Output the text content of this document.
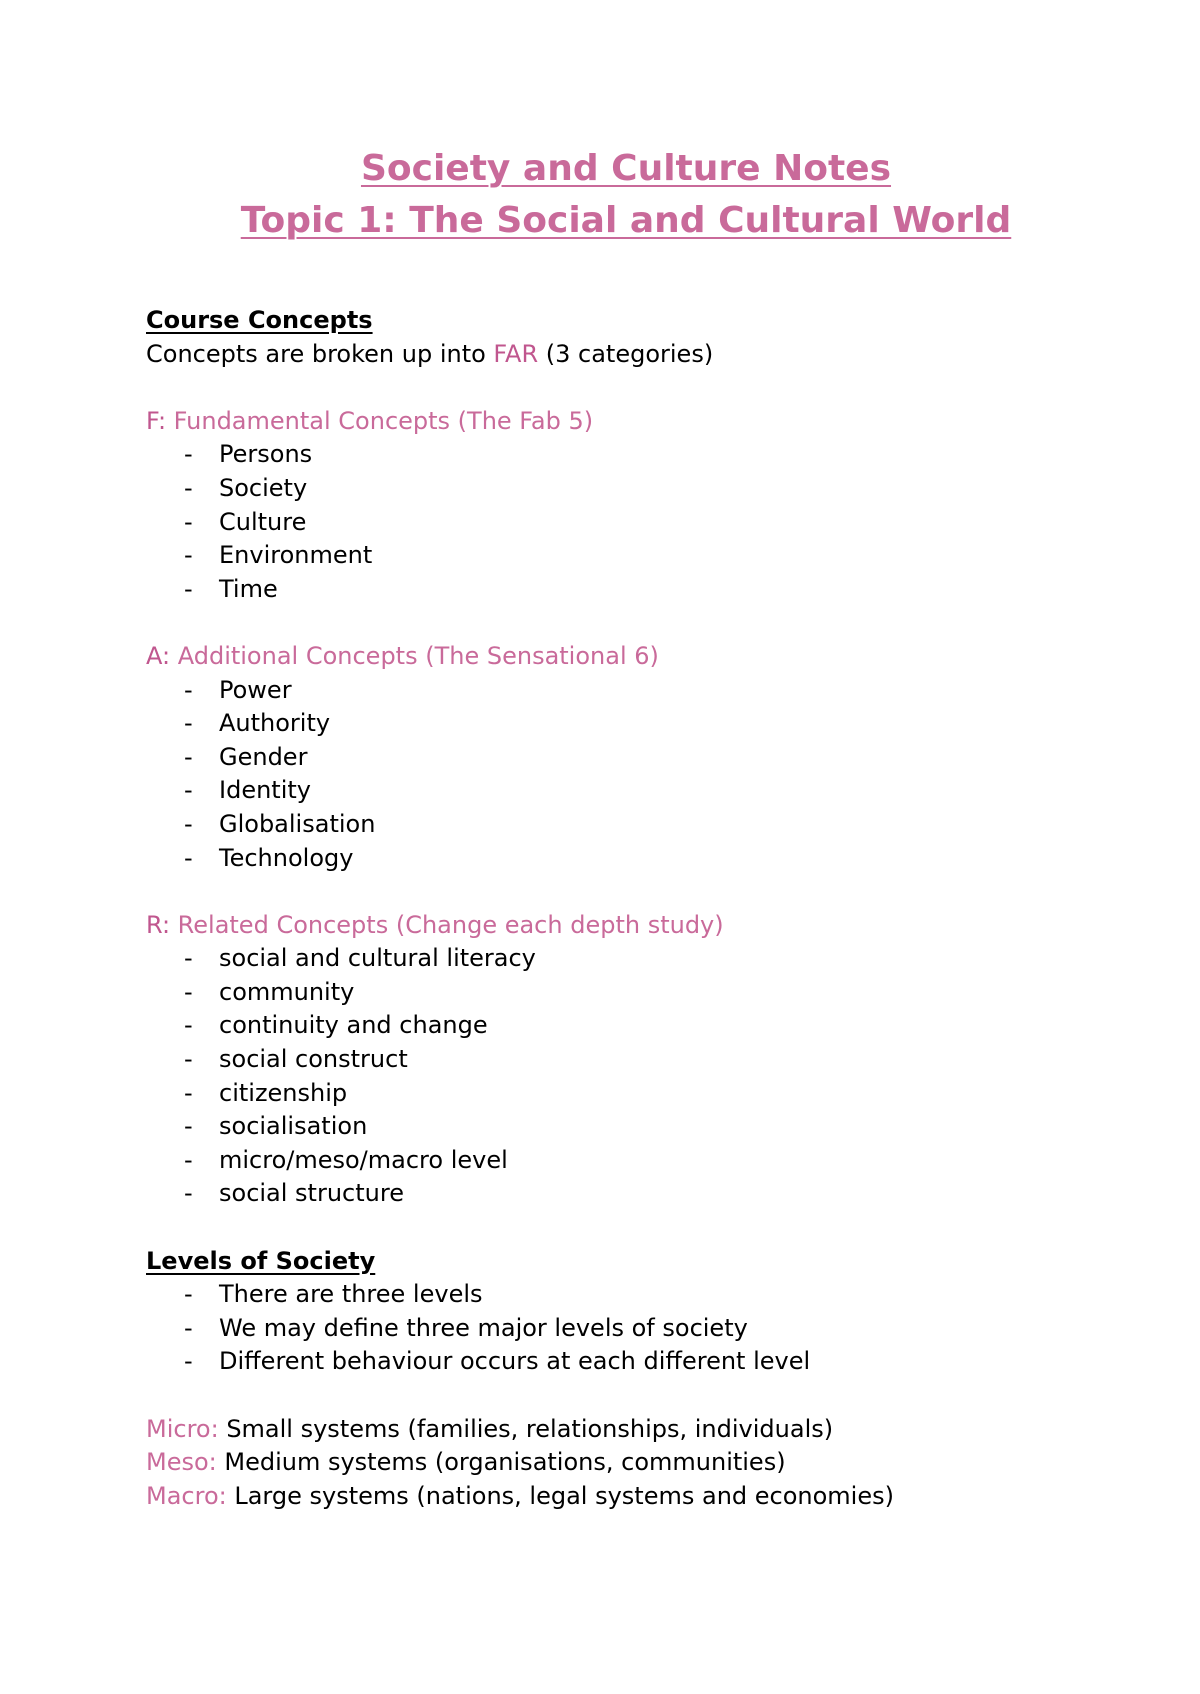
Society and Culture Notes
Topic 1: The Social and Cultural World
Course Concepts
Concepts are broken up into FAR (3 categories)
F: Fundamental Concepts (The Fab 5)
- Persons
- Society
- Culture
- Environment
- Time
A: Additional Concepts (The Sensational 6)
- Power
- Authority
- Gender
- Identity
- Globalisation
- Technology
R: Related Concepts (Change each depth study)
- social and cultural literacy
- community
- continuity and change
- social construct
- citizenship
- socialisation
- micro/meso/macro level
- social structure
Levels of Society
- There are three levels
- We may define three major levels of society
- Different behaviour occurs at each different level
Micro: Small systems (families, relationships, individuals)
Meso: Medium systems (organisations, communities)
Macro: Large systems (nations, legal systems and economies)
